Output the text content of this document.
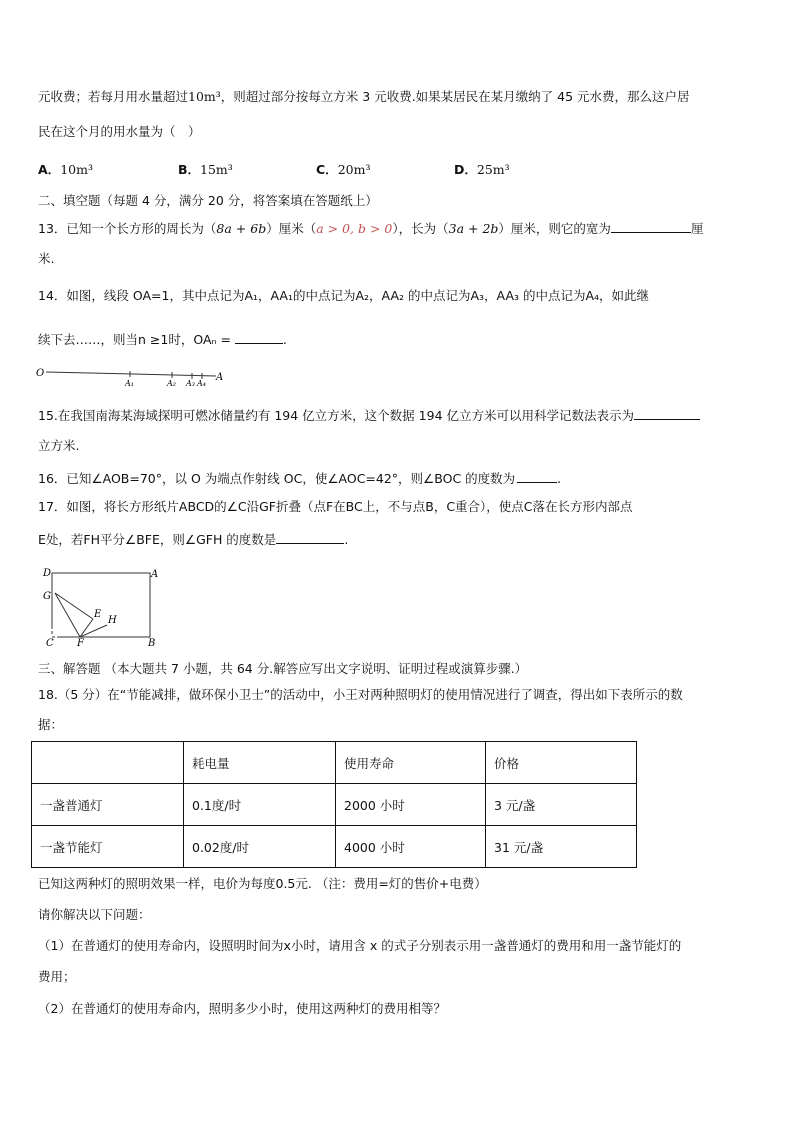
元收费；若每月用水量超过10m³，则超过部分按每立方米 3 元收费.如果某居民在某月缴纳了 45 元水费，那么这户居
民在这个月的用水量为（　）
A．10m³	B．15m³	C．20m³	D．25m³
二、填空题（每题 4 分，满分 20 分，将答案填在答题纸上）
13．已知一个长方形的周长为（8a + 6b）厘米（a > 0, b > 0），长为（3a + 2b）厘米，则它的宽为	厘
米.
14．如图，线段 OA=1，其中点记为A₁，AA₁的中点记为A₂，AA₂ 的中点记为A₃，AA₃ 的中点记为A₄，如此继
续下去……，则当n ≥1时，OAₙ =	.
O
A₁	A₂ A₃ A₄
A
15.在我国南海某海域探明可燃冰储量约有 194 亿立方米，这个数据 194 亿立方米可以用科学记数法表示为
立方米.
16．已知∠AOB=70°，以 O 为端点作射线 OC，使∠AOC=42°，则∠BOC 的度数为	.
17．如图，将长方形纸片ABCD的∠C沿GF折叠（点F在BC上，不与点B，C重合），使点C落在长方形内部点
E处，若FH平分∠BFE，则∠GFH 的度数是	.
D	A
G
E
H
C F	B
三、解答题 （本大题共 7 小题，共 64 分.解答应写出文字说明、证明过程或演算步骤.）
18.（5 分）在“节能减排，做环保小卫士”的活动中，小王对两种照明灯的使用情况进行了调查，得出如下表所示的数
据：
	耗电量	使用寿命	价格
一盏普通灯	0.1度/时	2000 小时	3 元/盏
一盏节能灯	0.02度/时	4000 小时	31 元/盏
已知这两种灯的照明效果一样，电价为每度0.5元. （注：费用=灯的售价+电费）
请你解决以下问题：
（1）在普通灯的使用寿命内，设照明时间为x小时，请用含 x 的式子分别表示用一盏普通灯的费用和用一盏节能灯的
费用；
（2）在普通灯的使用寿命内，照明多少小时，使用这两种灯的费用相等？
